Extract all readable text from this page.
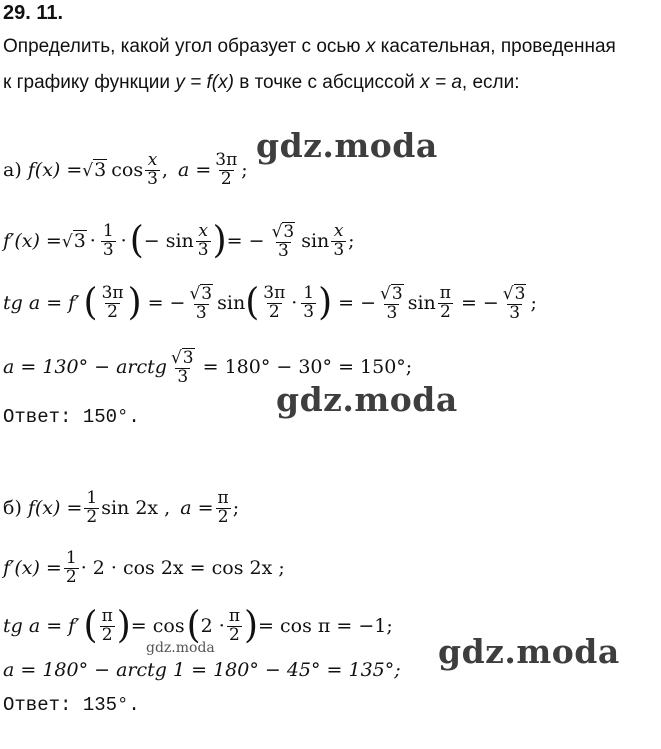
29. 11.
Определить, какой угол образует с осью x касательная, проведенная
к графику функции y = f(x) в точке с абсциссой x = a, если:
а) f(x) = √ 3 $\cos \frac{x}{3}$ , $a = \frac{3\pi}{2}$ ;
f′(x) = √ $3 \cdot \frac{1}{3}$ · ( − $\sin \frac{x}{3}$ ) = − $\frac{√ 3}{3}$ $\sin \frac{x}{3}$ ;
tg a = f′ ( $\frac{3\pi}{2}$ ) = − $\frac{√ 3}{3}$ sin ( $\frac{3\pi}{2} \cdot \frac{1}{3}$ ) = − $\frac{√ 3}{3}$ $\sin \frac{\pi}{2}$ = − $\frac{√ 3}{3}$ ;
a = 130° − arctg $\frac{√ 3}{3} = 180^\circ - 30^\circ = 150^\circ$;
Ответ: 150°.
б) $f(x) = \frac{1}{2}$ sin 2x , $a = \frac{\pi}{2}$ ;
$f'(x) = \frac{1}{2} \cdot 2 \cdot \cos 2x = \cos 2x$ ;
tg a = f′ ( $\frac{\pi}{2}$ ) = cos ( $2 \cdot \frac{\pi}{2}$ ) = cos π = −1;
a = 180° − arctg 1 = 180° − 45° = 135°;
Ответ: 135°.
gdz.moda
gdz.moda
gdz.moda	gdz.moda
